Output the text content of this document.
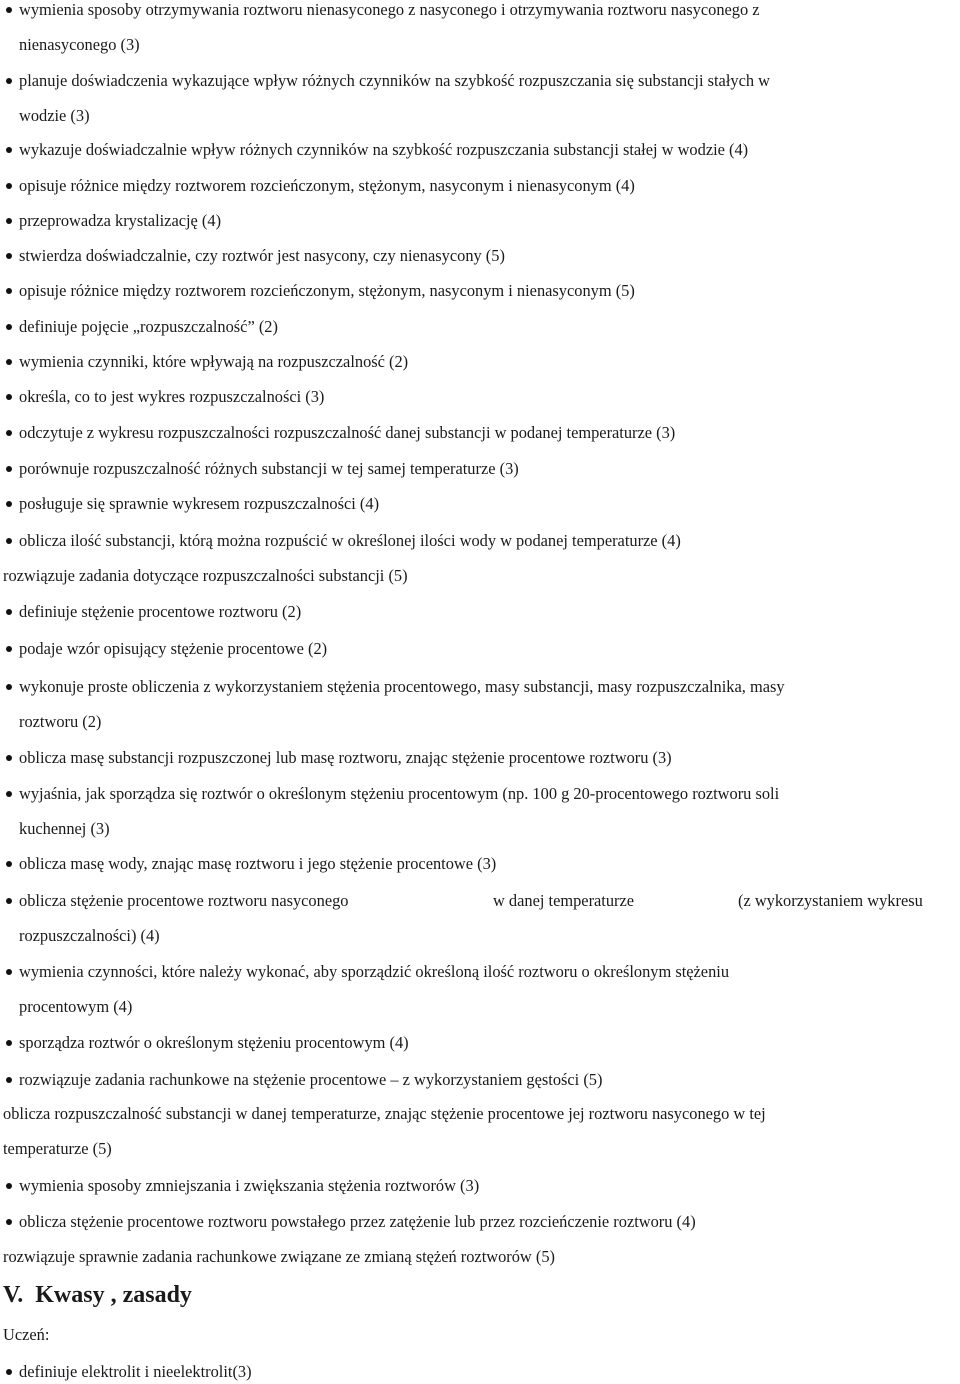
wymienia sposoby otrzymywania roztworu nienasyconego z nasyconego i otrzymywania roztworu nasyconego z
nienasyconego (3)
planuje doświadczenia wykazujące wpływ różnych czynników na szybkość rozpuszczania się substancji stałych w
wodzie (3)
wykazuje doświadczalnie wpływ różnych czynników na szybkość rozpuszczania substancji stałej w wodzie (4)
opisuje różnice między roztworem rozcieńczonym, stężonym, nasyconym i nienasyconym (4)
przeprowadza krystalizację (4)
stwierdza doświadczalnie, czy roztwór jest nasycony, czy nienasycony (5)
opisuje różnice między roztworem rozcieńczonym, stężonym, nasyconym i nienasyconym (5)
definiuje pojęcie „rozpuszczalność” (2)
wymienia czynniki, które wpływają na rozpuszczalność (2)
określa, co to jest wykres rozpuszczalności (3)
odczytuje z wykresu rozpuszczalności rozpuszczalność danej substancji w podanej temperaturze (3)
porównuje rozpuszczalność różnych substancji w tej samej temperaturze (3)
posługuje się sprawnie wykresem rozpuszczalności (4)
oblicza ilość substancji, którą można rozpuścić w określonej ilości wody w podanej temperaturze (4)
rozwiązuje zadania dotyczące rozpuszczalności substancji (5)
definiuje stężenie procentowe roztworu (2)
podaje wzór opisujący stężenie procentowe (2)
wykonuje proste obliczenia z wykorzystaniem stężenia procentowego, masy substancji, masy rozpuszczalnika, masy
roztworu (2)
oblicza masę substancji rozpuszczonej lub masę roztworu, znając stężenie procentowe roztworu (3)
wyjaśnia, jak sporządza się roztwór o określonym stężeniu procentowym (np. 100 g 20-procentowego roztworu soli
kuchennej (3)
oblicza masę wody, znając masę roztworu i jego stężenie procentowe (3)
oblicza stężenie procentowe roztworu nasyconego	w danej temperaturze	(z wykorzystaniem wykresu
rozpuszczalności) (4)
wymienia czynności, które należy wykonać, aby sporządzić określoną ilość roztworu o określonym stężeniu
procentowym (4)
sporządza roztwór o określonym stężeniu procentowym (4)
rozwiązuje zadania rachunkowe na stężenie procentowe – z wykorzystaniem gęstości (5)
oblicza rozpuszczalność substancji w danej temperaturze, znając stężenie procentowe jej roztworu nasyconego w tej
temperaturze (5)
wymienia sposoby zmniejszania i zwiększania stężenia roztworów (3)
oblicza stężenie procentowe roztworu powstałego przez zatężenie lub przez rozcieńczenie roztworu (4)
rozwiązuje sprawnie zadania rachunkowe związane ze zmianą stężeń roztworów (5)
V.  Kwasy , zasady
Uczeń:
definiuje elektrolit i nieelektrolit(3)
